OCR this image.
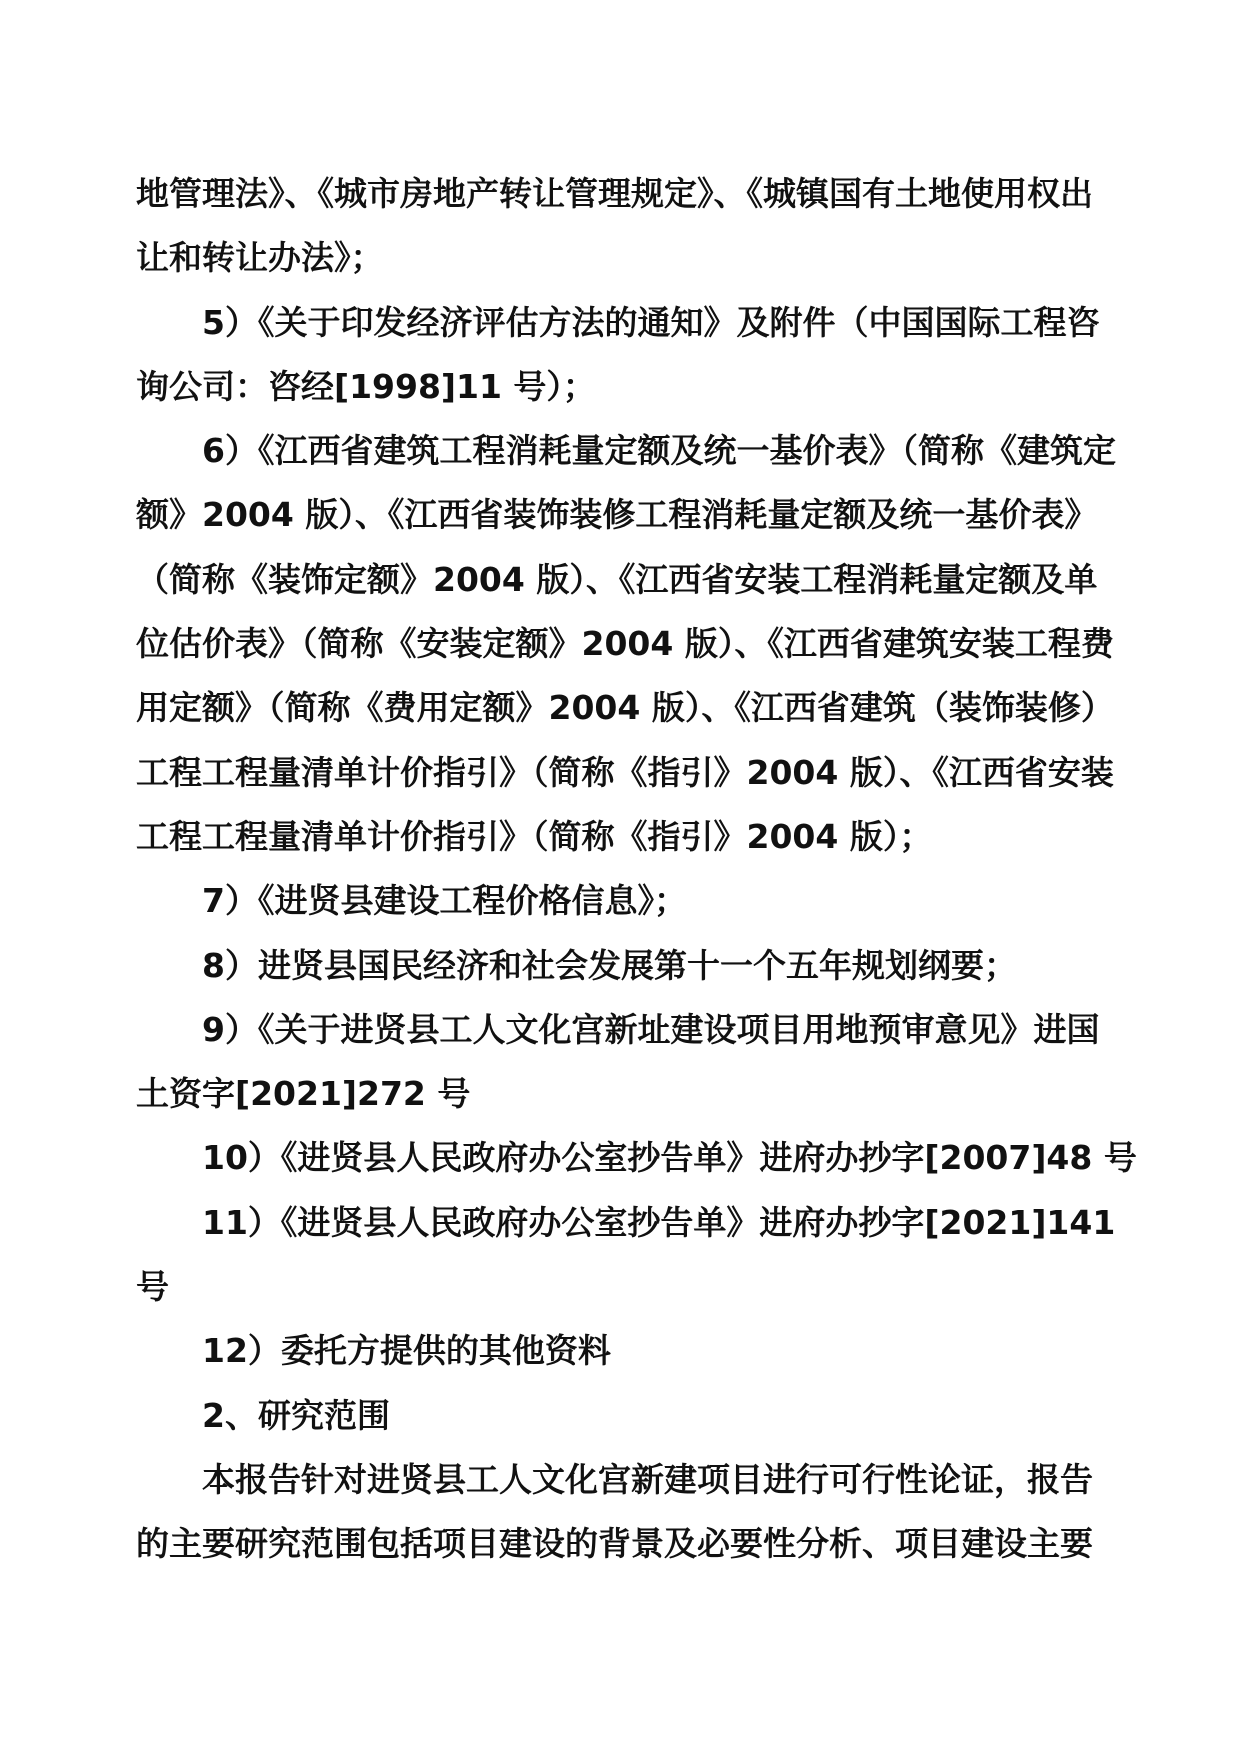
地管理法》、《城市房地产转让管理规定》、《城镇国有土地使用权出
让和转让办法》；
5）《关于印发经济评估方法的通知》及附件（中国国际工程咨
询公司：咨经[1998]11 号）；
6）《江西省建筑工程消耗量定额及统一基价表》（简称《建筑定
额》2004 版）、《江西省装饰装修工程消耗量定额及统一基价表》
（简称《装饰定额》2004 版）、《江西省安装工程消耗量定额及单
位估价表》（简称《安装定额》2004 版）、《江西省建筑安装工程费
用定额》（简称《费用定额》2004 版）、《江西省建筑（装饰装修）
工程工程量清单计价指引》（简称《指引》2004 版）、《江西省安装
工程工程量清单计价指引》（简称《指引》2004 版）；
7）《进贤县建设工程价格信息》；
8）进贤县国民经济和社会发展第十一个五年规划纲要；
9）《关于进贤县工人文化宫新址建设项目用地预审意见》进国
土资字[2021]272 号
10）《进贤县人民政府办公室抄告单》进府办抄字[2007]48 号
11）《进贤县人民政府办公室抄告单》进府办抄字[2021]141
号
12）委托方提供的其他资料
2、研究范围
本报告针对进贤县工人文化宫新建项目进行可行性论证，报告
的主要研究范围包括项目建设的背景及必要性分析、项目建设主要
